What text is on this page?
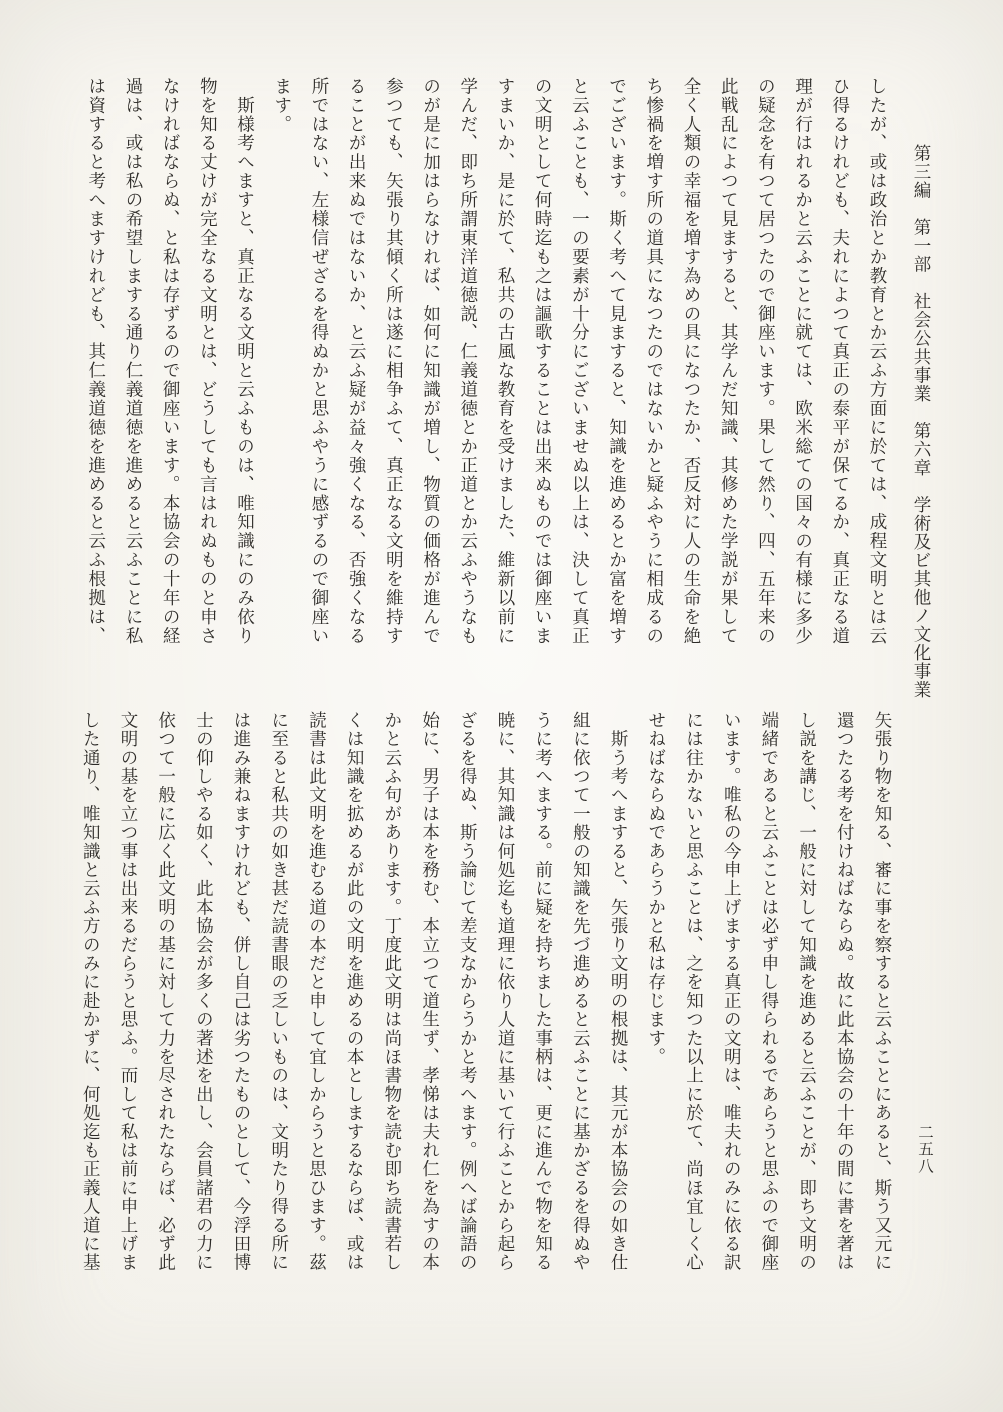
第三編　第一部　社会公共事業　第六章　学術及ビ其他ノ文化事業
したが、或は政治とか教育とか云ふ方面に於ては、成程文明とは云
ひ得るけれども、夫れによつて真正の泰平が保てるか、真正なる道
理が行はれるかと云ふことに就ては、欧米総ての国々の有様に多少
の疑念を有つて居つたので御座います。果して然り、四、五年来の
此戦乱によつて見ますると、其学んだ知識、其修めた学説が果して
全く人類の幸福を増す為めの具になつたか、否反対に人の生命を絶
ち惨禍を増す所の道具になつたのではないかと疑ふやうに相成るの
でございます。斯く考へて見ますると、知識を進めるとか富を増す
と云ふことも、一の要素が十分にございませぬ以上は、決して真正
の文明として何時迄も之は謳歌することは出来ぬものでは御座いま
すまいか、是に於て、私共の古風な教育を受けました、維新以前に
学んだ、即ち所謂東洋道徳説、仁義道徳とか正道とか云ふやうなも
のが是に加はらなければ、如何に知識が増し、物質の価格が進んで
参つても、矢張り其傾く所は遂に相争ふて、真正なる文明を維持す
ることが出来ぬではないか、と云ふ疑が益々強くなる、否強くなる
所ではない、左様信ぜざるを得ぬかと思ふやうに感ずるので御座い
ます。
　斯様考へますと、真正なる文明と云ふものは、唯知識にのみ依り
物を知る丈けが完全なる文明とは、どうしても言はれぬものと申さ
なければならぬ、と私は存ずるので御座います。本協会の十年の経
過は、或は私の希望しまする通り仁義道徳を進めると云ふことに私
は資すると考へますけれども、其仁義道徳を進めると云ふ根拠は、
矢張り物を知る、審に事を察すると云ふことにあると、斯う又元に
還つたる考を付けねばならぬ。故に此本協会の十年の間に書を著は
し説を講じ、一般に対して知識を進めると云ふことが、即ち文明の
端緒であると云ふことは必ず申し得られるであらうと思ふので御座
います。唯私の今申上げまする真正の文明は、唯夫れのみに依る訳
には往かないと思ふことは、之を知つた以上に於て、尚ほ宜しく心
せねばならぬであらうかと私は存じます。
　斯う考へますると、矢張り文明の根拠は、其元が本協会の如き仕
組に依つて一般の知識を先づ進めると云ふことに基かざるを得ぬや
うに考へまする。前に疑を持ちました事柄は、更に進んで物を知る
暁に、其知識は何処迄も道理に依り人道に基いて行ふことから起ら
ざるを得ぬ、斯う論じて差支なからうかと考へます。例へば論語の
始に、男子は本を務む、本立つて道生ず、孝悌は夫れ仁を為すの本
かと云ふ句があります。丁度此文明は尚ほ書物を読む即ち読書若し
くは知識を拡めるが此の文明を進めるの本としまするならば、或は
読書は此文明を進むる道の本だと申して宜しからうと思ひます。茲
に至ると私共の如き甚だ読書眼の乏しいものは、文明たり得る所に
は進み兼ねますけれども、併し自己は劣つたものとして、今浮田博
士の仰しやる如く、此本協会が多くの著述を出し、会員諸君の力に
依つて一般に広く此文明の基に対して力を尽されたならば、必ず此
文明の基を立つ事は出来るだらうと思ふ。而して私は前に申上げま
した通り、唯知識と云ふ方のみに赴かずに、何処迄も正義人道に基	二五八
